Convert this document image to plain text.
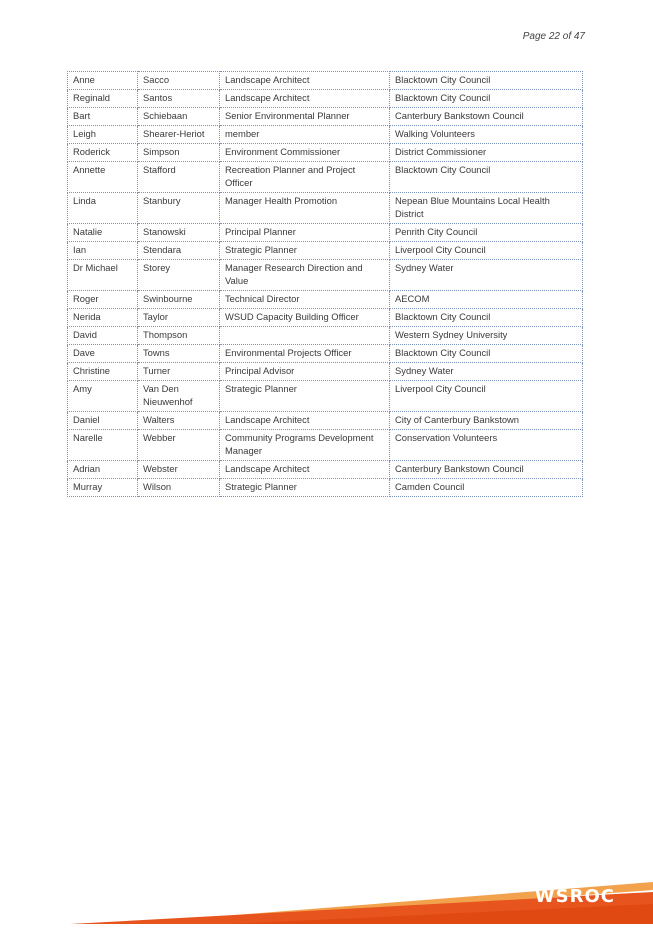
Page 22 of 47
Anne	Sacco	Landscape Architect	Blacktown City Council
Reginald	Santos	Landscape Architect	Blacktown City Council
Bart	Schiebaan	Senior Environmental Planner	Canterbury Bankstown Council
Leigh	Shearer-Heriot	member	Walking Volunteers
Roderick	Simpson	Environment Commissioner	District Commissioner
Annette	Stafford	Recreation Planner and Project Officer	Blacktown City Council
Linda	Stanbury	Manager Health Promotion	Nepean Blue Mountains Local Health District
Natalie	Stanowski	Principal Planner	Penrith City Council
Ian	Stendara	Strategic Planner	Liverpool City Council
Dr Michael	Storey	Manager Research Direction and Value	Sydney Water
Roger	Swinbourne	Technical Director	AECOM
Nerida	Taylor	WSUD Capacity Building Officer	Blacktown City Council
David	Thompson		Western Sydney University
Dave	Towns	Environmental Projects Officer	Blacktown City Council
Christine	Turner	Principal Advisor	Sydney Water
Amy	Van Den Nieuwenhof	Strategic Planner	Liverpool City Council
Daniel	Walters	Landscape Architect	City of Canterbury Bankstown
Narelle	Webber	Community Programs Development Manager	Conservation Volunteers
Adrian	Webster	Landscape Architect	Canterbury Bankstown Council
Murray	Wilson	Strategic Planner	Camden Council
WSROC
